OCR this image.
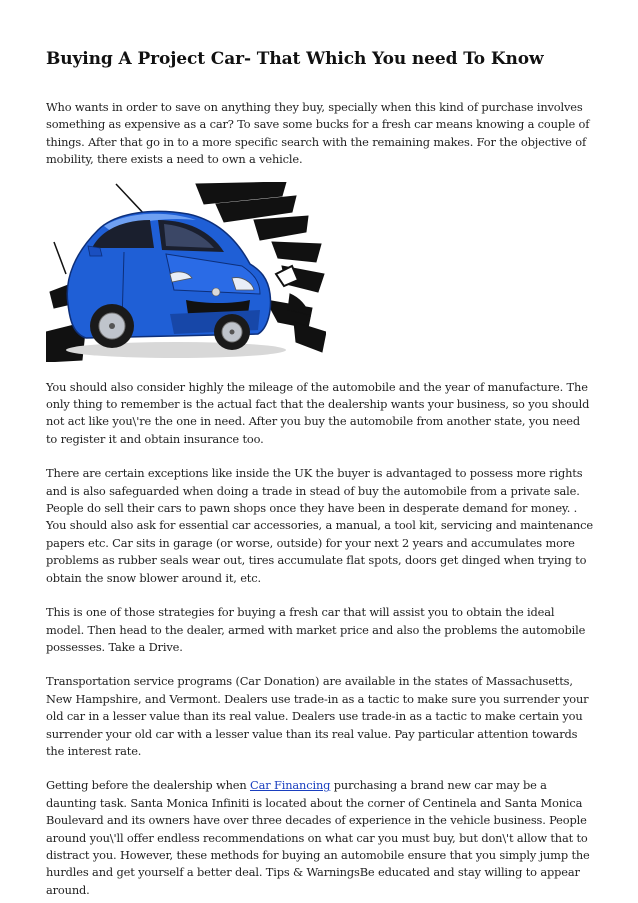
Buying A Project Car- That Which You need To Know

Who wants in order to save on anything they buy, specially when this kind of purchase involves something as expensive as a car? To save some bucks for a fresh car means knowing a couple of things. After that go in to a more specific search with the remaining makes. For the objective of mobility, there exists a need to own a vehicle.

You should also consider highly the mileage of the automobile and the year of manufacture. The only thing to remember is the actual fact that the dealership wants your business, so you should not act like you\'re the one in need. After you buy the automobile from another state, you need to register it and obtain insurance too.

There are certain exceptions like inside the UK the buyer is advantaged to possess more rights and is also safeguarded when doing a trade in stead of buy the automobile from a private sale. People do sell their cars to pawn shops once they have been in desperate demand for money. . You should also ask for essential car accessories, a manual, a tool kit, servicing and maintenance papers etc. Car sits in garage (or worse, outside) for your next 2 years and accumulates more problems as rubber seals wear out, tires accumulate flat spots, doors get dinged when trying to obtain the snow blower around it, etc.

This is one of those strategies for buying a fresh car that will assist you to obtain the ideal model. Then head to the dealer, armed with market price and also the problems the automobile possesses. Take a Drive.

Transportation service programs (Car Donation) are available in the states of Massachusetts, New Hampshire, and Vermont. Dealers use trade-in as a tactic to make sure you surrender your old car in a lesser value than its real value. Dealers use trade-in as a tactic to make certain you surrender your old car with a lesser value than its real value. Pay particular attention towards the interest rate.

Getting before the dealership when Car Financing purchasing a brand new car may be a daunting task. Santa Monica Infiniti is located about the corner of Centinela and Santa Monica Boulevard and its owners have over three decades of experience in the vehicle business. People around you\'ll offer endless recommendations on what car you must buy, but don\'t allow that to distract you. However, these methods for buying an automobile ensure that you simply jump the hurdles and get yourself a better deal. Tips & WarningsBe educated and stay willing to appear around.
